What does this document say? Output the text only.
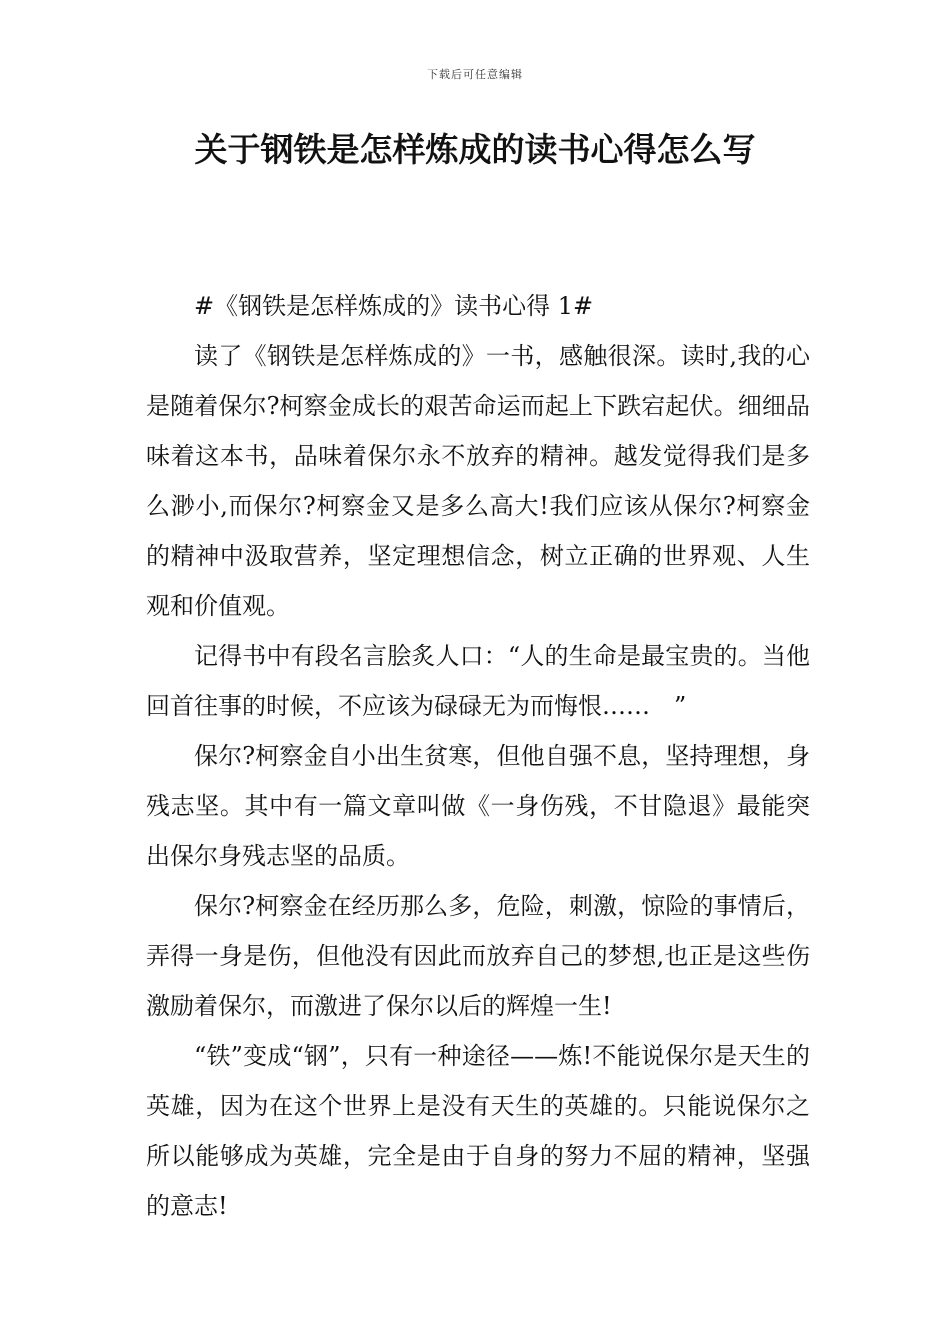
下载后可任意编辑
关于钢铁是怎样炼成的读书心得怎么写

#《钢铁是怎样炼成的》读书心得 1#

读了《钢铁是怎样炼成的》一书，感触很深。读时,我的心是随着保尔?柯察金成长的艰苦命运而起上下跌宕起伏。细细品味着这本书，品味着保尔永不放弃的精神。越发觉得我们是多么渺小,而保尔?柯察金又是多么高大!我们应该从保尔?柯察金的精神中汲取营养，坚定理想信念，树立正确的世界观、人生观和价值观。

记得书中有段名言脍炙人口：“人的生命是最宝贵的。当他回首往事的时候，不应该为碌碌无为而悔恨……　”

保尔?柯察金自小出生贫寒，但他自强不息，坚持理想，身残志坚。其中有一篇文章叫做《一身伤残，不甘隐退》最能突出保尔身残志坚的品质。

保尔?柯察金在经历那么多，危险，刺激，惊险的事情后，弄得一身是伤，但他没有因此而放弃自己的梦想,也正是这些伤激励着保尔，而激进了保尔以后的辉煌一生!

“铁”变成“钢”，只有一种途径——炼!不能说保尔是天生的英雄，因为在这个世界上是没有天生的英雄的。只能说保尔之所以能够成为英雄，完全是由于自身的努力不屈的精神，坚强的意志!
